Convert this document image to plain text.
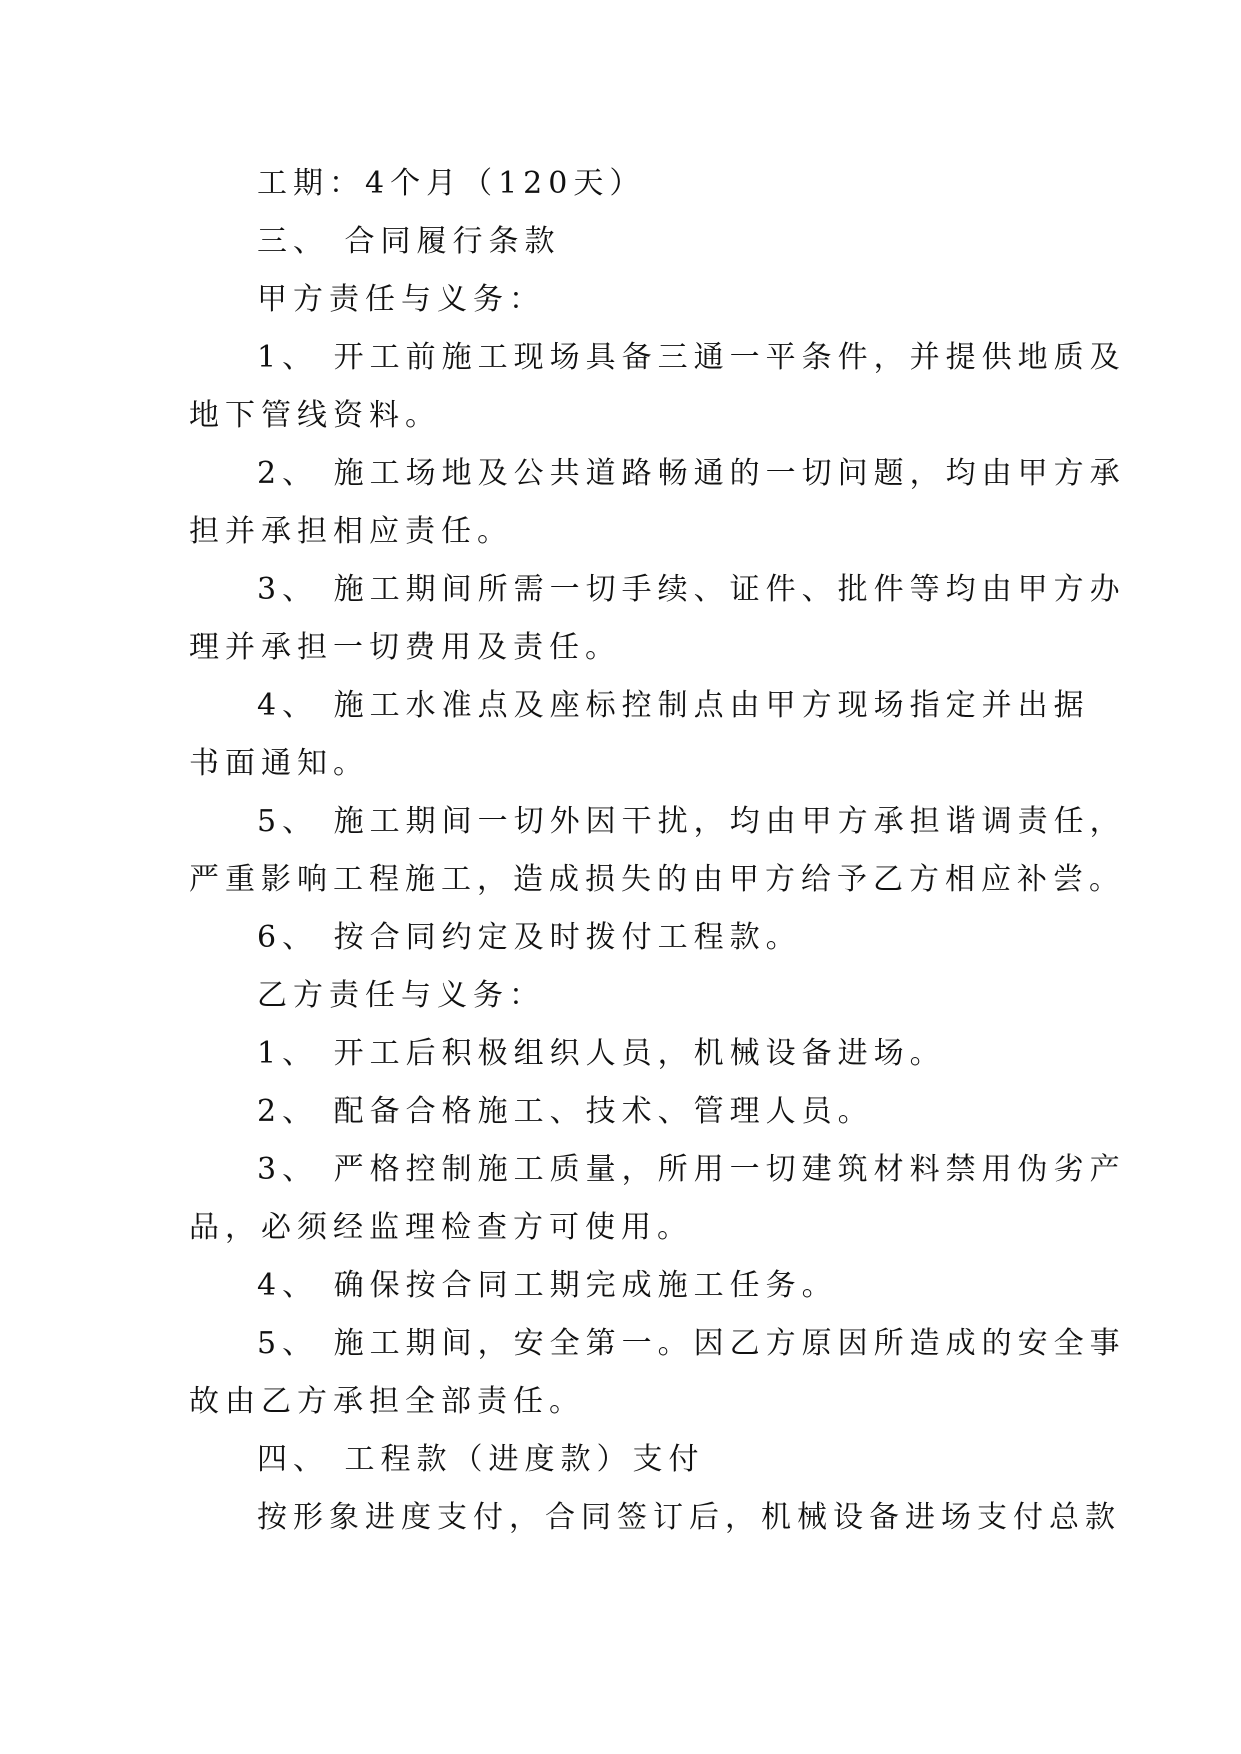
工期：4个月（120天）
三、 合同履行条款
甲方责任与义务：
1、 开工前施工现场具备三通一平条件，并提供地质及
地下管线资料。
2、 施工场地及公共道路畅通的一切问题，均由甲方承
担并承担相应责任。
3、 施工期间所需一切手续、证件、批件等均由甲方办
理并承担一切费用及责任。
4、 施工水准点及座标控制点由甲方现场指定并出据
书面通知。
5、 施工期间一切外因干扰，均由甲方承担谐调责任，
严重影响工程施工，造成损失的由甲方给予乙方相应补尝。
6、 按合同约定及时拨付工程款。
乙方责任与义务：
1、 开工后积极组织人员，机械设备进场。
2、 配备合格施工、技术、管理人员。
3、 严格控制施工质量，所用一切建筑材料禁用伪劣产
品，必须经监理检查方可使用。
4、 确保按合同工期完成施工任务。
5、 施工期间，安全第一。因乙方原因所造成的安全事
故由乙方承担全部责任。
四、 工程款（进度款）支付
按形象进度支付，合同签订后，机械设备进场支付总款
